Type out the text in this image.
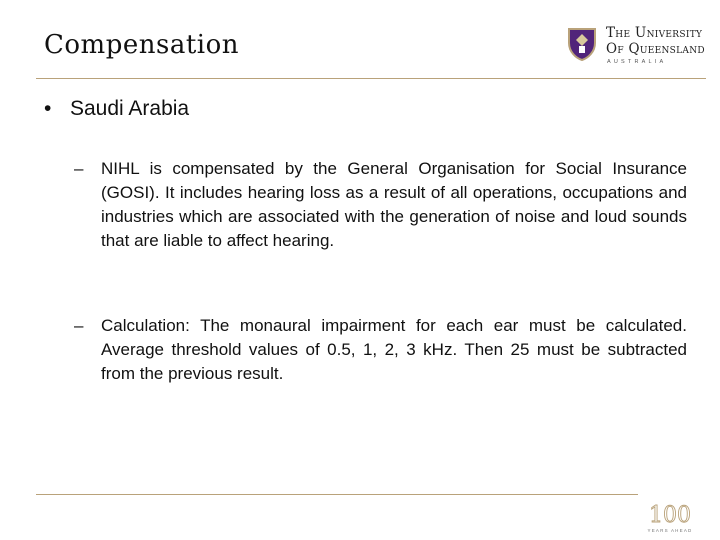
Compensation	The University
Of Queensland
AUSTRALIA
• Saudi Arabia
– NIHL is compensated by the General Organisation for Social Insurance (GOSI). It includes hearing loss as a result of all operations, occupations and industries which are associated with the generation of noise and loud sounds that are liable to affect hearing.
– Calculation: The monaural impairment for each ear must be calculated. Average threshold values of 0.5, 1, 2, 3 kHz. Then 25 must be subtracted from the previous result.
100
YEARS AHEAD
